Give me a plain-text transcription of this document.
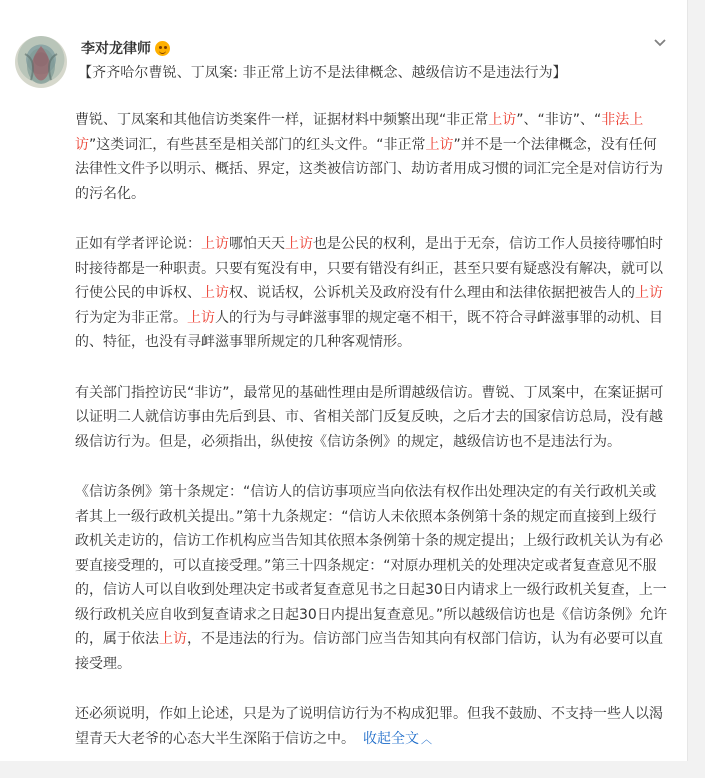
李对龙律师
【齐齐哈尔曹锐、丁凤案: 非正常上访不是法律概念、越级信访不是违法行为】

曹锐、丁凤案和其他信访类案件一样，证据材料中频繁出现“非正常上访”、“非访”、“非法上访”这类词汇，有些甚至是相关部门的红头文件。“非正常上访”并不是一个法律概念，没有任何法律性文件予以明示、概括、界定，这类被信访部门、劫访者用成习惯的词汇完全是对信访行为的污名化。

正如有学者评论说：上访哪怕天天上访也是公民的权利，是出于无奈，信访工作人员接待哪怕时时接待都是一种职责。只要有冤没有申，只要有错没有纠正，甚至只要有疑惑没有解决，就可以行使公民的申诉权、上访权、说话权，公诉机关及政府没有什么理由和法律依据把被告人的上访行为定为非正常。上访人的行为与寻衅滋事罪的规定毫不相干，既不符合寻衅滋事罪的动机、目的、特征，也没有寻衅滋事罪所规定的几种客观情形。

有关部门指控访民“非访”，最常见的基础性理由是所谓越级信访。曹锐、丁凤案中，在案证据可以证明二人就信访事由先后到县、市、省相关部门反复反映，之后才去的国家信访总局，没有越级信访行为。但是，必须指出，纵使按《信访条例》的规定，越级信访也不是违法行为。

《信访条例》第十条规定：“信访人的信访事项应当向依法有权作出处理决定的有关行政机关或者其上一级行政机关提出。”第十九条规定：“信访人未依照本条例第十条的规定而直接到上级行政机关走访的，信访工作机构应当告知其依照本条例第十条的规定提出；上级行政机关认为有必要直接受理的，可以直接受理。”第三十四条规定：“对原办理机关的处理决定或者复查意见不服的，信访人可以自收到处理决定书或者复查意见书之日起30日内请求上一级行政机关复查，上一级行政机关应自收到复查请求之日起30日内提出复查意见。”所以越级信访也是《信访条例》允许的，属于依法上访，不是违法的行为。信访部门应当告知其向有权部门信访，认为有必要可以直接受理。

还必须说明，作如上论述，只是为了说明信访行为不构成犯罪。但我不鼓励、不支持一些人以渴望青天大老爷的心态大半生深陷于信访之中。 收起全文 ︿
